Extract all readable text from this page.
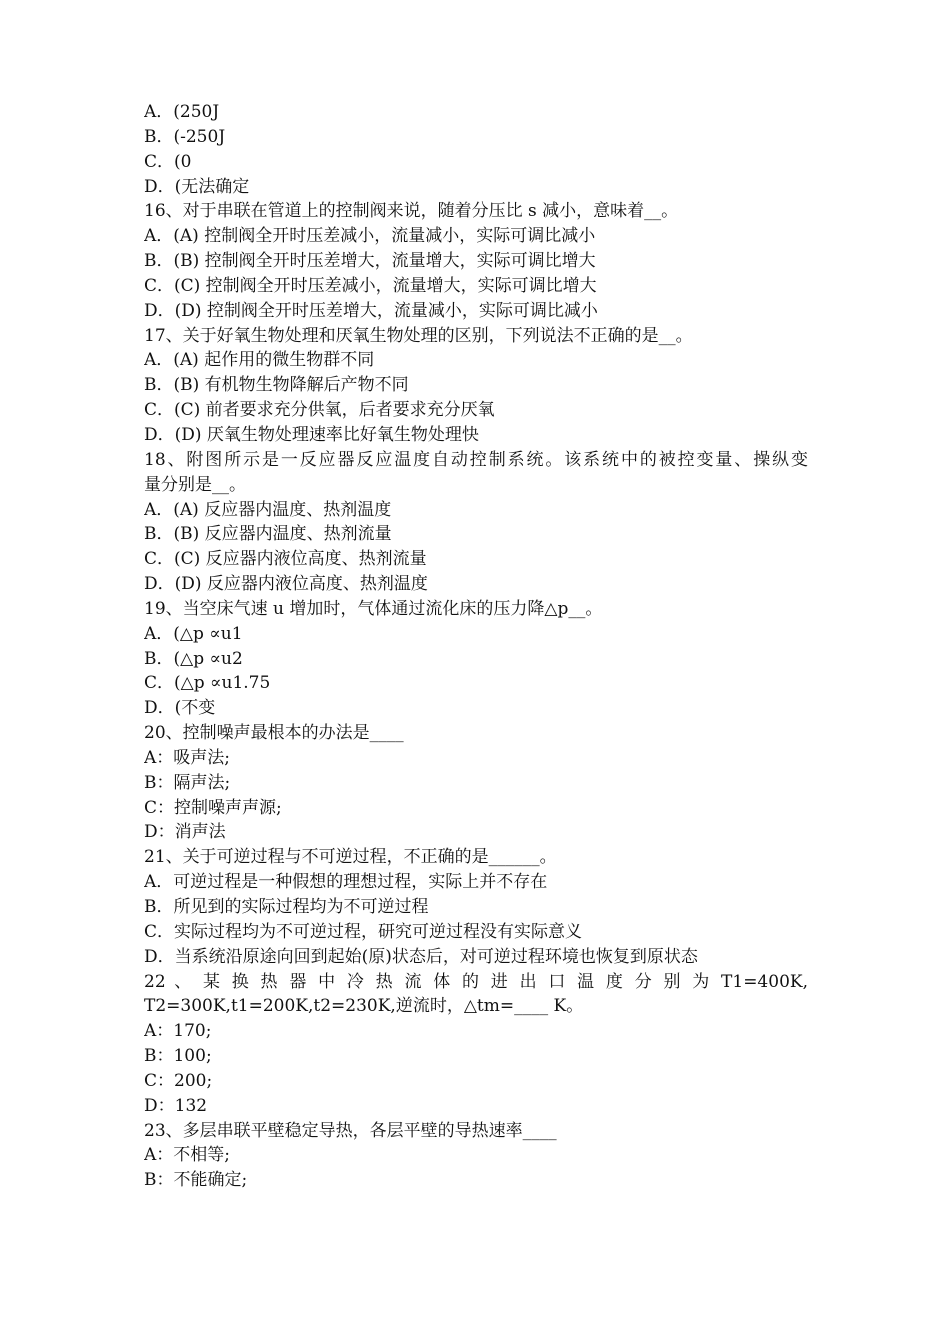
A．(250J
B．(-250J
C．(0
D．(无法确定
16、对于串联在管道上的控制阀来说，随着分压比 s 减小，意味着__。
A．(A) 控制阀全开时压差减小，流量减小，实际可调比减小
B．(B) 控制阀全开时压差增大，流量增大，实际可调比增大
C．(C) 控制阀全开时压差减小，流量增大，实际可调比增大
D．(D) 控制阀全开时压差增大，流量减小，实际可调比减小
17、关于好氧生物处理和厌氧生物处理的区别，下列说法不正确的是__。
A．(A) 起作用的微生物群不同
B．(B) 有机物生物降解后产物不同
C．(C) 前者要求充分供氧，后者要求充分厌氧
D．(D) 厌氧生物处理速率比好氧生物处理快
18、附图所示是一反应器反应温度自动控制系统。该系统中的被控变量、操纵变
量分别是__。
A．(A) 反应器内温度、热剂温度
B．(B) 反应器内温度、热剂流量
C．(C) 反应器内液位高度、热剂流量
D．(D) 反应器内液位高度、热剂温度
19、当空床气速 u 增加时，气体通过流化床的压力降△p__。
A．(△p ∝u1
B．(△p ∝u2
C．(△p ∝u1.75
D．(不变
20、控制噪声最根本的办法是____
A：吸声法;
B：隔声法;
C：控制噪声声源;
D：消声法
21、关于可逆过程与不可逆过程，不正确的是______。
A．可逆过程是一种假想的理想过程，实际上并不存在
B．所见到的实际过程均为不可逆过程
C．实际过程均为不可逆过程，研究可逆过程没有实际意义
D．当系统沿原途向回到起始(原)状态后，对可逆过程环境也恢复到原状态
22 、 某 换 热 器 中 冷 热 流 体 的 进 出 口 温 度 分 别 为 T1=400K,
T2=300K,t1=200K,t2=230K,逆流时，△tm=____ K。
A：170;
B：100;
C：200;
D：132
23、多层串联平壁稳定导热，各层平壁的导热速率____
A：不相等;
B：不能确定;
